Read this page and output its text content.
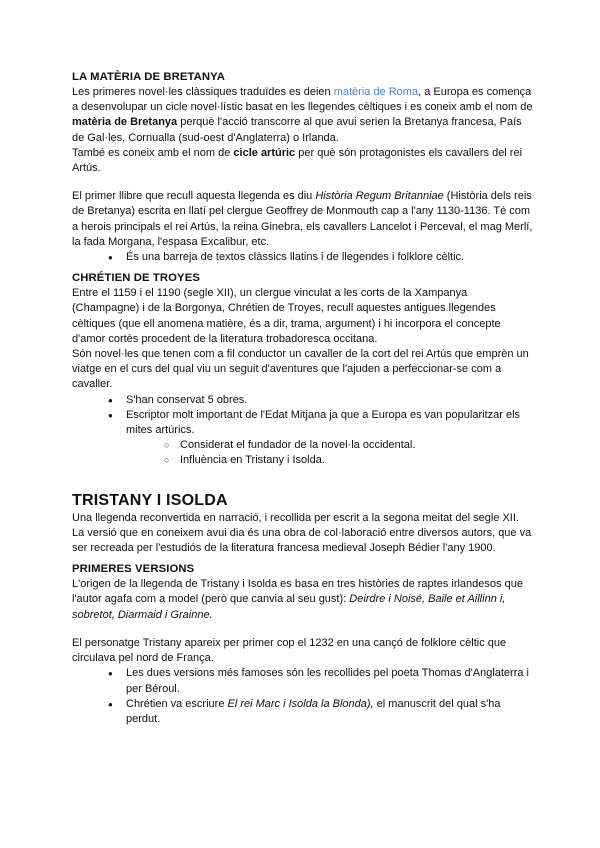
LA MATÈRIA DE BRETANYA

Les primeres novel·les clàssiques traduïdes es deien matèria de Roma, a Europa es comença a desenvolupar un cicle novel·lístic basat en les llegendes cèltiques i es coneix amb el nom de matèria de Bretanya perquè l'acció transcorre al que avui serien la Bretanya francesa, País de Gal·les, Cornualla (sud-oest d'Anglaterra) o Irlanda.

També es coneix amb el nom de cicle artúric per què són protagonistes els cavallers del rei Artús.

El primer llibre que recull aquesta llegenda es diu Història Regum Britanniae (Història dels reis de Bretanya) escrita en llatí pel clergue Geoffrey de Monmouth cap a l'any 1130-1136. Té com a herois principals el rei Artús, la reina Ginebra, els cavallers Lancelot i Perceval, el mag Merlí, la fada Morgana, l'espasa Excalibur, etc.

● És una barreja de textos clàssics llatins i de llegendes i folklore cèltic.
CHRÉTIEN DE TROYES

Entre el 1159 i el 1190 (segle XII), un clergue vinculat a les corts de la Xampanya (Champagne) i de la Borgonya, Chrétien de Troyes, recull aquestes antigues llegendes cèltiques (que ell anomena matière, és a dir, trama, argument) i hi incorpora el concepte d'amor cortès procedent de la literatura trobadoresca occitana.

Són novel·les que tenen com a fil conductor un cavaller de la cort del rei Artús que emprèn un viatge en el curs del qual viu un seguit d'aventures que l'ajuden a perfeccionar-se com a cavaller.

● S'han conservat 5 obres.
● Escriptor molt important de l'Edat Mitjana ja que a Europa es van popularitzar els mites artúrics.
○ Considerat el fundador de la novel·la occidental.
○ Influència en Tristany i Isolda.
TRISTANY I ISOLDA

Una llegenda reconvertida en narració, i recollida per escrit a la segona meitat del segle XII. La versió que en coneixem avui dia és una obra de col·laboració entre diversos autors, que va ser recreada per l'estudiós de la literatura francesa medieval Joseph Bédier l'any 1900.

PRIMERES VERSIONS

L'origen de la llegenda de Tristany i Isolda es basa en tres històries de raptes irlandesos que l'autor agafa com a model (però que canvia al seu gust): Deirdre i Noisé, Baile et Aillinn i, sobretot, Diarmaid i Grainne.

El personatge Tristany apareix per primer cop el 1232 en una cançó de folklore cèltic que circulava pel nord de França.

● Les dues versions més famoses són les recollides pel poeta Thomas d'Anglaterra i per Béroul.
● Chrétien va escriure El rei Marc i Isolda la Blonda), el manuscrit del qual s'ha perdut.
